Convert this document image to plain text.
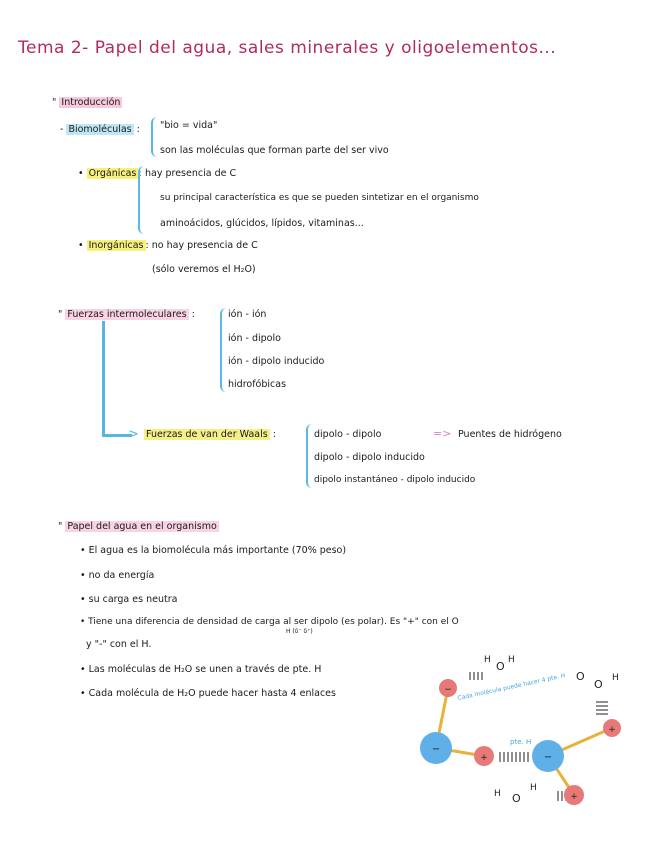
Tema 2- Papel del agua, sales minerales y oligoelementos...
" Introducción
- Biomoléculas : "bio = vida"
son las moléculas que forman parte del ser vivo
• Orgánicas : hay presencia de C
su principal característica es que se pueden sintetizar en el organismo
aminoácidos, glúcidos, lípidos, vitaminas...
• Inorgánicas : no hay presencia de C
(sólo veremos el H₂O)
" Fuerzas intermoleculares :	ión - ión
ión - dipolo
ión - dipolo inducido
hidrofóbicas
> Fuerzas de van der Waals :	dipolo - dipolo
dipolo - dipolo inducido
dipolo instantáneo - dipolo inducido
=> Puentes de hidrógeno
" Papel del agua en el organismo
• El agua es la biomolécula más importante (70% peso)
• no da energía
• su carga es neutra
• Tiene una diferencia de densidad de carga al ser dipolo (es polar). Es "+" con el O
H (δ⁻ δ⁺)
y "-" con el H.
• Las moléculas de H₂O se unen a través de pte. H
• Cada molécula de H₂O puede hacer hasta 4 enlaces	−
−
+	−
+
+
H O H
O
O H
H O
H
Cada molécula puede hacer 4 pte. H
pte. H
